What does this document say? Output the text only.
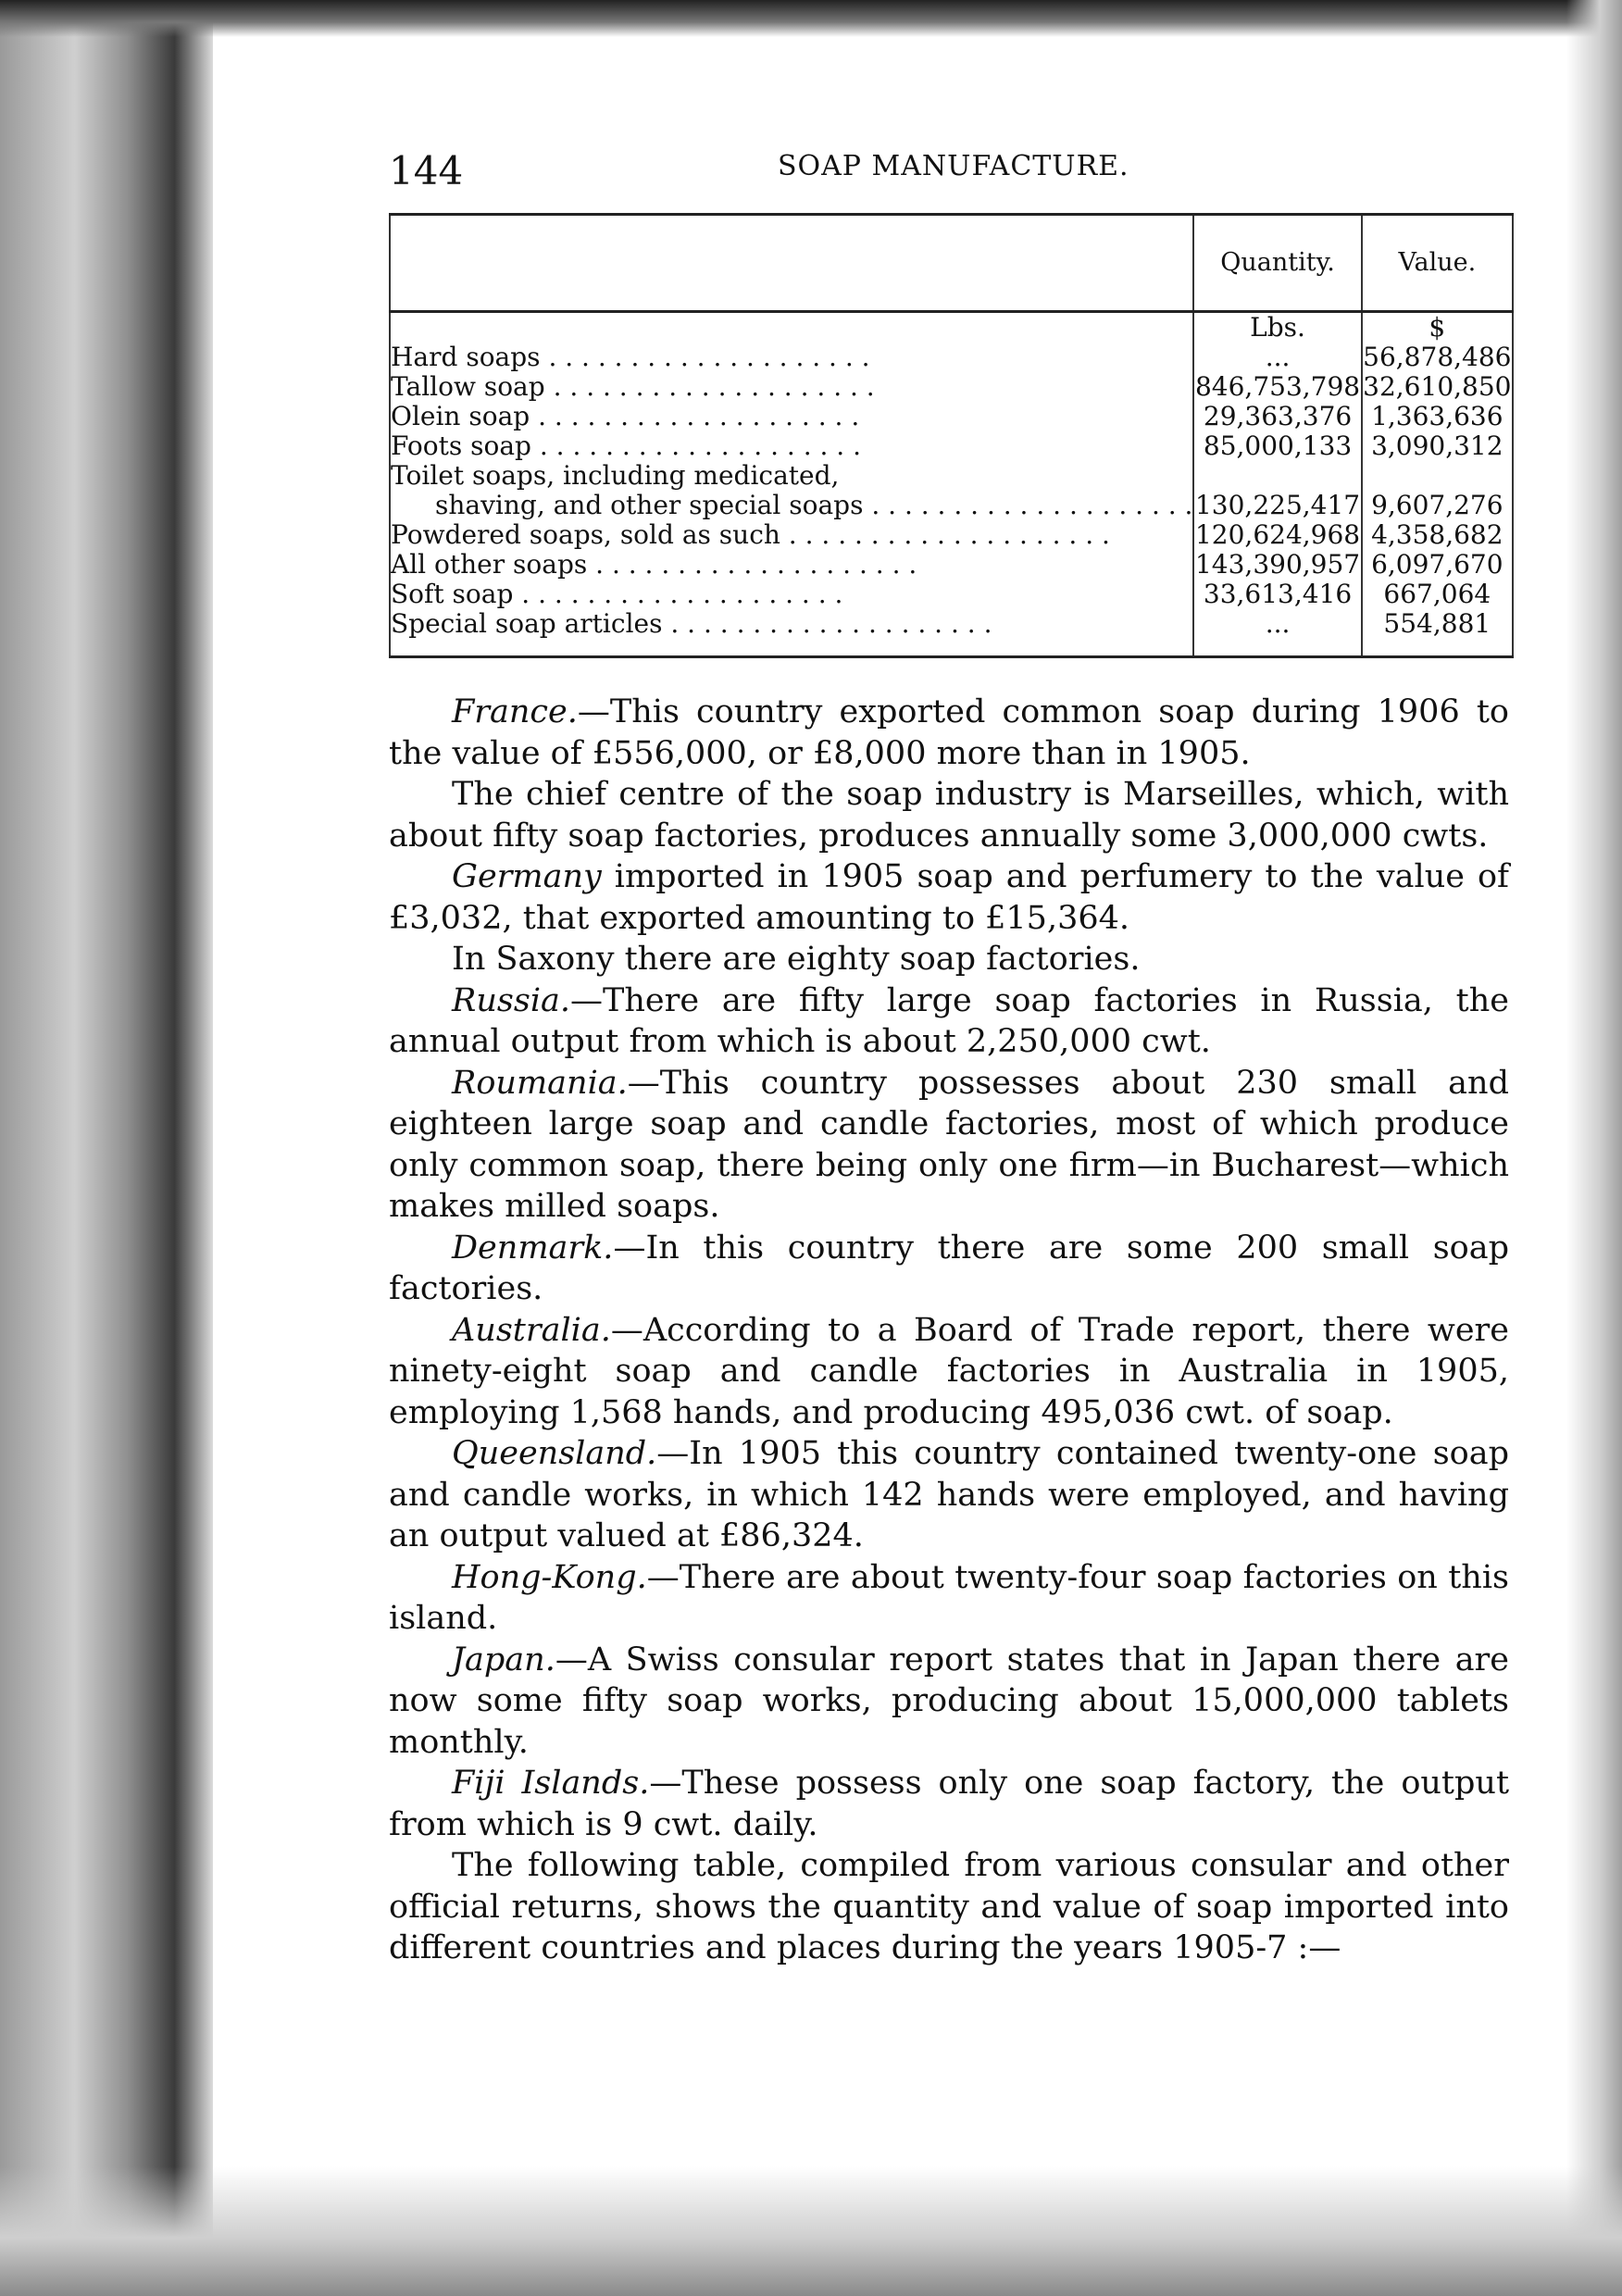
144	SOAP MANUFACTURE.
	Quantity.	Value.
	Lbs.	$

Hard soaps . . .	...	56,878,486

Tallow soap . . .	846,753,798	32,610,850

Olein soap . . .	29,363,376	1,363,636

Foots soap . . .	85,000,133	3,090,312

Toilet soaps, including medicated,
shaving, and other special soaps . . .	130,225,417	9,607,276

Powdered soaps, sold as such . . .	120,624,968	4,358,682

All other soaps . . .	143,390,957	6,097,670

Soft soap . . .	33,613,416	667,064

Special soap articles . . .	...	554,881

France.—This country exported common soap during 1906 to the value of £556,000, or £8,000 more than in 1905.

The chief centre of the soap industry is Marseilles, which, with about fifty soap factories, produces annually some 3,000,000 cwts.

Germany imported in 1905 soap and perfumery to the value of £3,032, that exported amounting to £15,364.

In Saxony there are eighty soap factories.

Russia.—There are fifty large soap factories in Russia, the annual output from which is about 2,250,000 cwt.

Roumania.—This country possesses about 230 small and eighteen large soap and candle factories, most of which produce only common soap, there being only one firm—in Bucharest—which makes milled soaps.

Denmark.—In this country there are some 200 small soap factories.

Australia.—According to a Board of Trade report, there were ninety-eight soap and candle factories in Australia in 1905, employing 1,568 hands, and producing 495,036 cwt. of soap.

Queensland.—In 1905 this country contained twenty-one soap and candle works, in which 142 hands were employed, and having an output valued at £86,324.

Hong-Kong.—There are about twenty-four soap factories on this island.

Japan.—A Swiss consular report states that in Japan there are now some fifty soap works, producing about 15,000,000 tablets monthly.

Fiji Islands.—These possess only one soap factory, the output from which is 9 cwt. daily.

The following table, compiled from various consular and other official returns, shows the quantity and value of soap imported into different countries and places during the years 1905-7 :—
